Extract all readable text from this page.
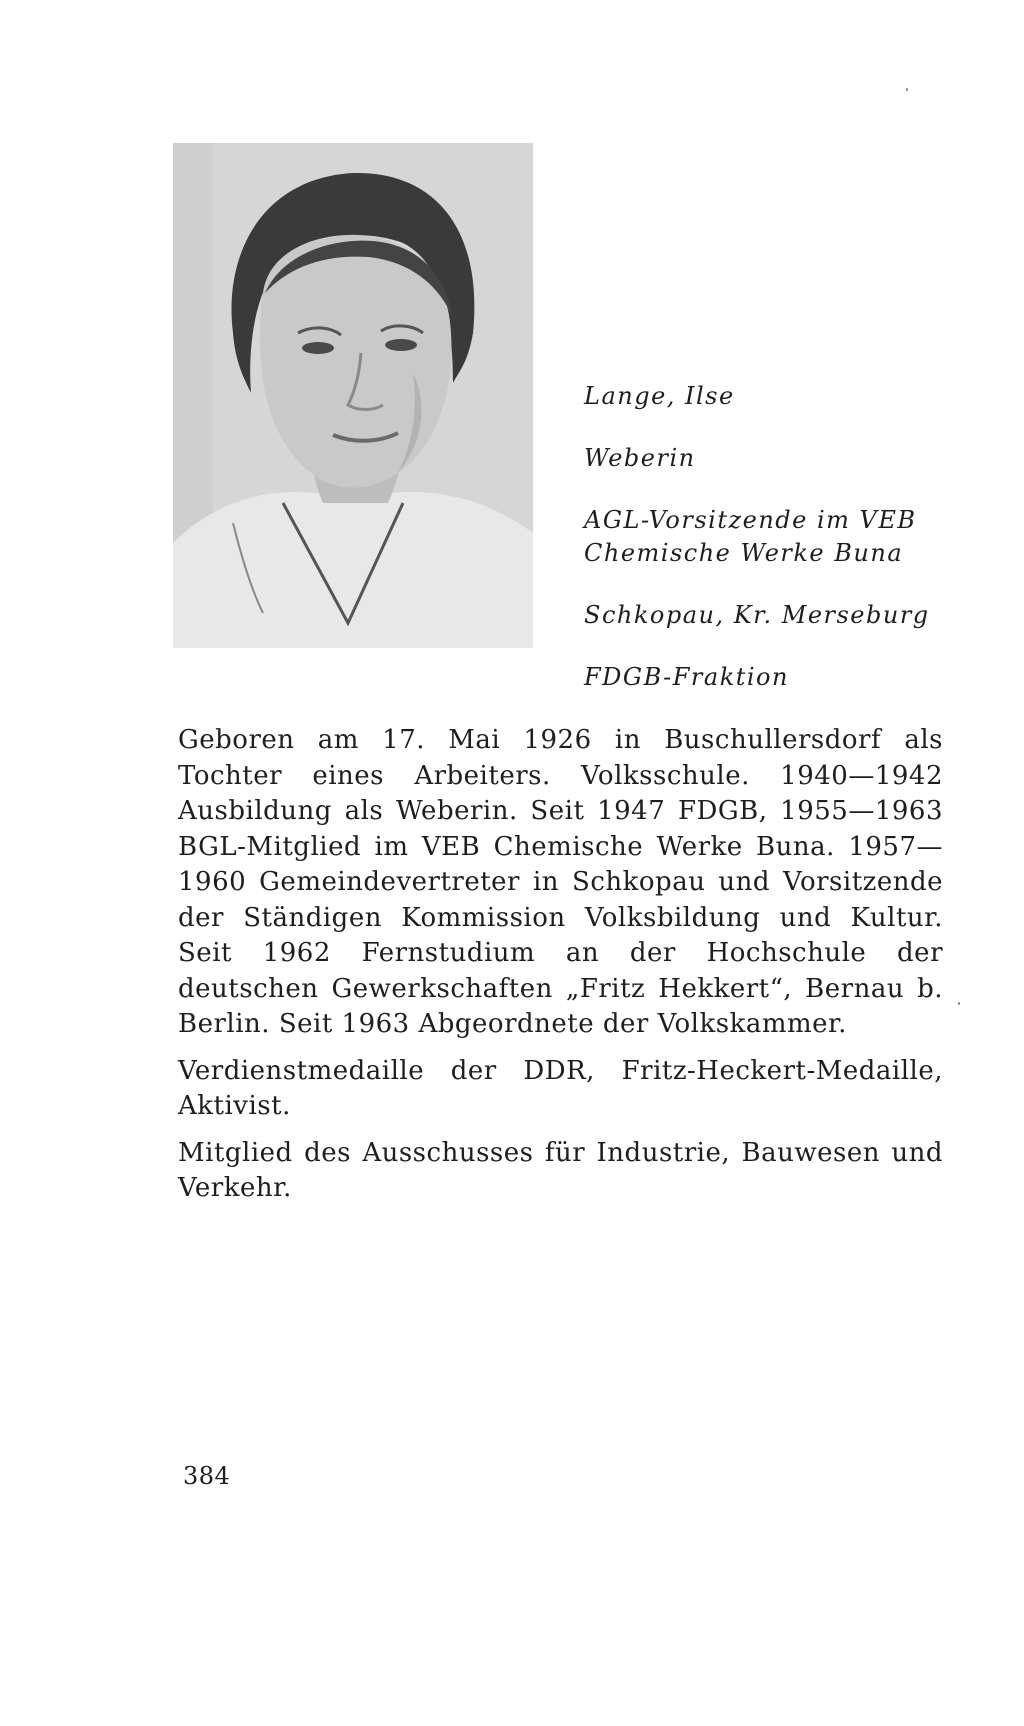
Lange, Ilse
Weberin
AGL-Vorsitzende im VEB
Chemische Werke Buna
Schkopau, Kr. Merseburg
FDGB-Fraktion

Geboren am 17. Mai 1926 in Buschullersdorf als Tochter eines Arbeiters. Volksschule. 1940—1942 Ausbildung als Weberin. Seit 1947 FDGB, 1955—1963 BGL-Mitglied im VEB Chemische Werke Buna. 1957—1960 Gemeindevertreter in Schkopau und Vorsitzende der Ständigen Kommission Volksbildung und Kultur. Seit 1962 Fernstudium an der Hochschule der deutschen Gewerkschaften „Fritz Hekkert“, Bernau b. Berlin. Seit 1963 Abgeordnete der Volkskammer.

Verdienstmedaille der DDR, Fritz-Heckert-Medaille, Aktivist.

Mitglied des Ausschusses für Industrie, Bauwesen und Verkehr.

384
